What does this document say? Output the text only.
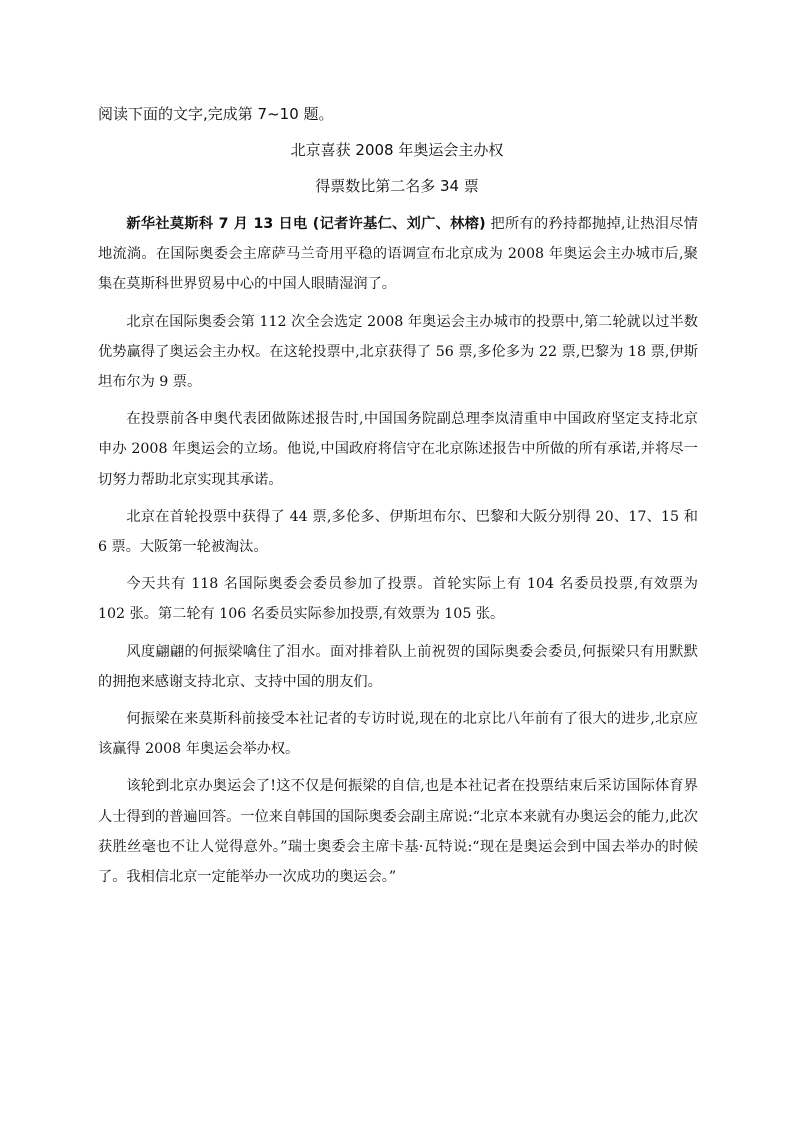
阅读下面的文字,完成第 7~10 题。
北京喜获 2008 年奥运会主办权
得票数比第二名多 34 票

新华社莫斯科 7 月 13 日电 (记者许基仁、刘广、林榕) 把所有的矜持都抛掉,让热泪尽情地流淌。在国际奥委会主席萨马兰奇用平稳的语调宣布北京成为 2008 年奥运会主办城市后,聚集在莫斯科世界贸易中心的中国人眼睛湿润了。

北京在国际奥委会第 112 次全会选定 2008 年奥运会主办城市的投票中,第二轮就以过半数优势赢得了奥运会主办权。在这轮投票中,北京获得了 56 票,多伦多为 22 票,巴黎为 18 票,伊斯坦布尔为 9 票。

在投票前各申奥代表团做陈述报告时,中国国务院副总理李岚清重申中国政府坚定支持北京申办 2008 年奥运会的立场。他说,中国政府将信守在北京陈述报告中所做的所有承诺,并将尽一切努力帮助北京实现其承诺。

北京在首轮投票中获得了 44 票,多伦多、伊斯坦布尔、巴黎和大阪分别得 20、17、15 和 6 票。大阪第一轮被淘汰。

今天共有 118 名国际奥委会委员参加了投票。首轮实际上有 104 名委员投票,有效票为 102 张。第二轮有 106 名委员实际参加投票,有效票为 105 张。

风度翩翩的何振梁噙住了泪水。面对排着队上前祝贺的国际奥委会委员,何振梁只有用默默的拥抱来感谢支持北京、支持中国的朋友们。

何振梁在来莫斯科前接受本社记者的专访时说,现在的北京比八年前有了很大的进步,北京应该赢得 2008 年奥运会举办权。

该轮到北京办奥运会了!这不仅是何振梁的自信,也是本社记者在投票结束后采访国际体育界人士得到的普遍回答。一位来自韩国的国际奥委会副主席说:“北京本来就有办奥运会的能力,此次获胜丝毫也不让人觉得意外。”瑞士奥委会主席卡基·瓦特说:“现在是奥运会到中国去举办的时候了。我相信北京一定能举办一次成功的奥运会。”
